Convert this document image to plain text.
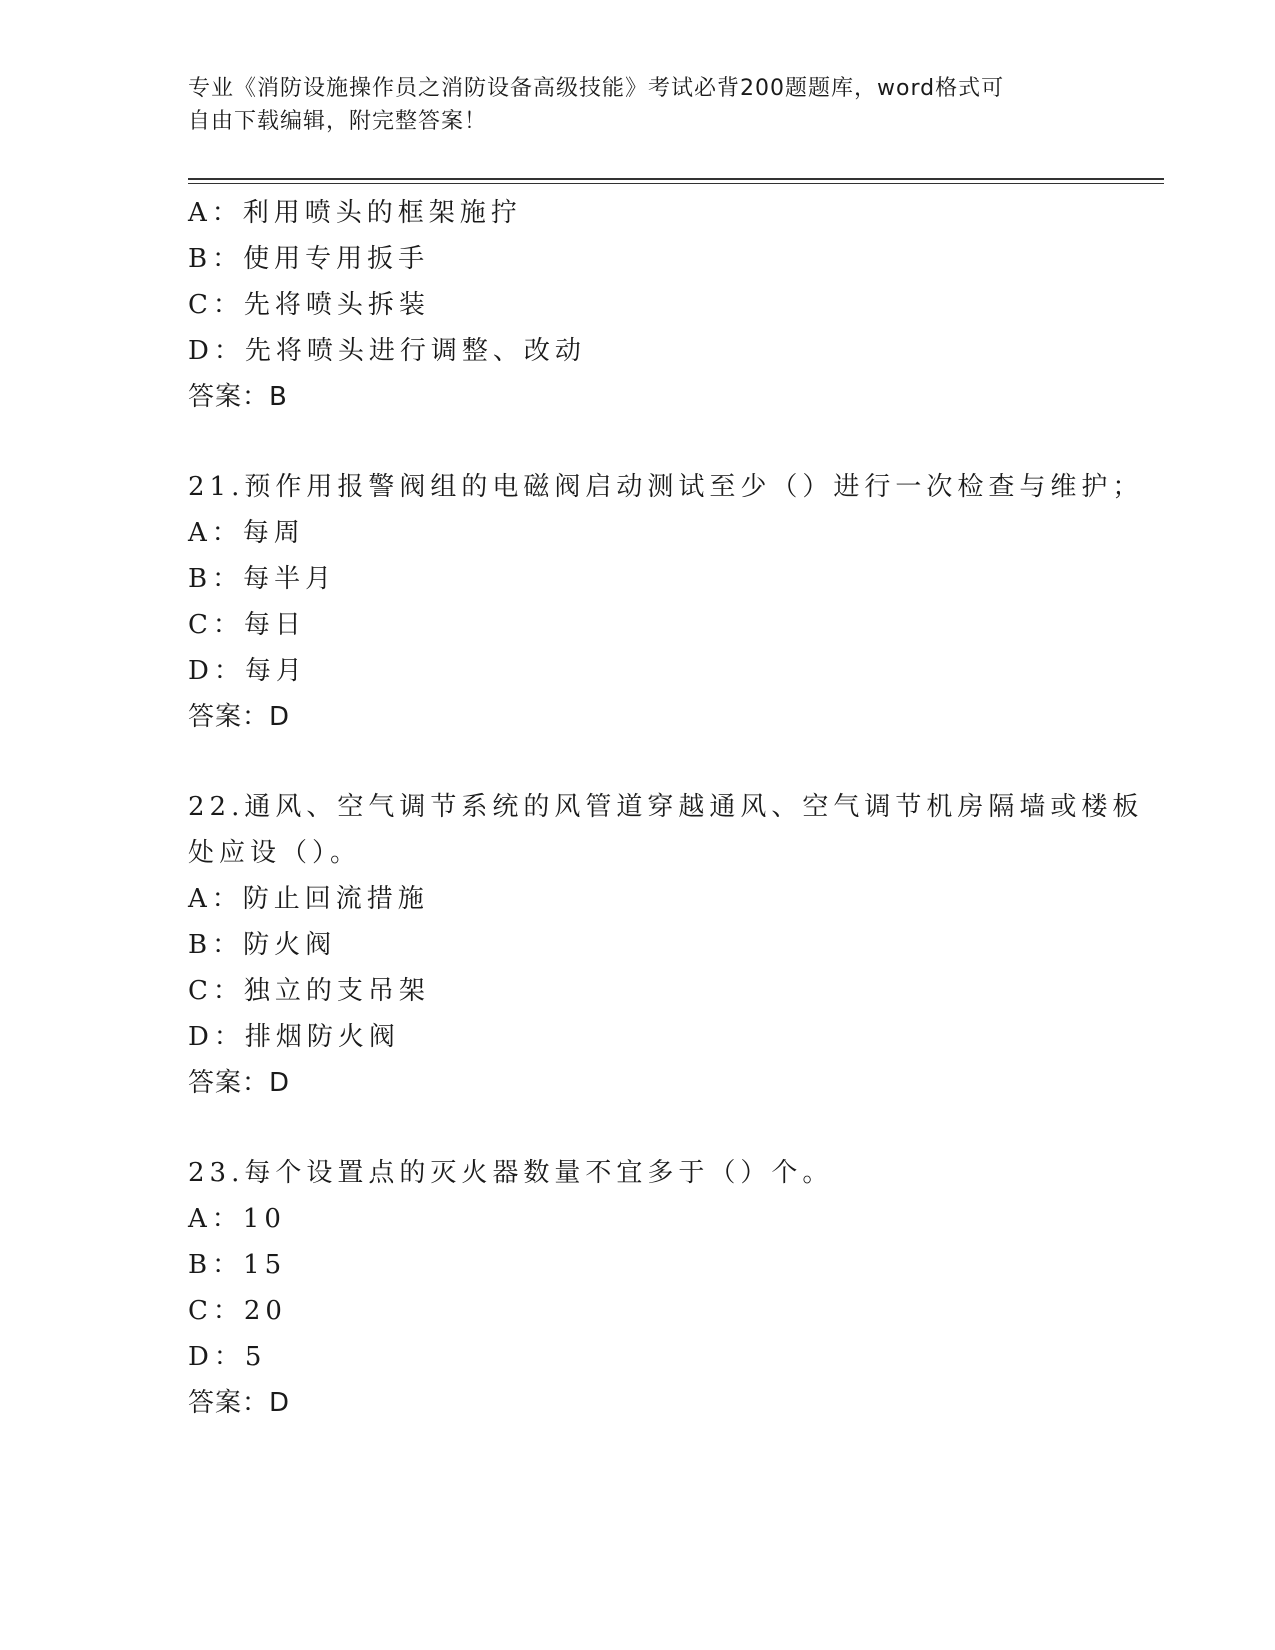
专业《消防设施操作员之消防设备高级技能》考试必背200题题库，word格式可
自由下载编辑，附完整答案！
A：利用喷头的框架施拧
B：使用专用扳手
C：先将喷头拆装
D：先将喷头进行调整、改动
答案：B
21.预作用报警阀组的电磁阀启动测试至少（）进行一次检查与维护；
A：每周
B：每半月
C：每日
D：每月
答案：D
22.通风、空气调节系统的风管道穿越通风、空气调节机房隔墙或楼板
处应设（）。
A：防止回流措施
B：防火阀
C：独立的支吊架
D：排烟防火阀
答案：D
23.每个设置点的灭火器数量不宜多于（）个。
A：10
B：15
C：20
D：5
答案：D
